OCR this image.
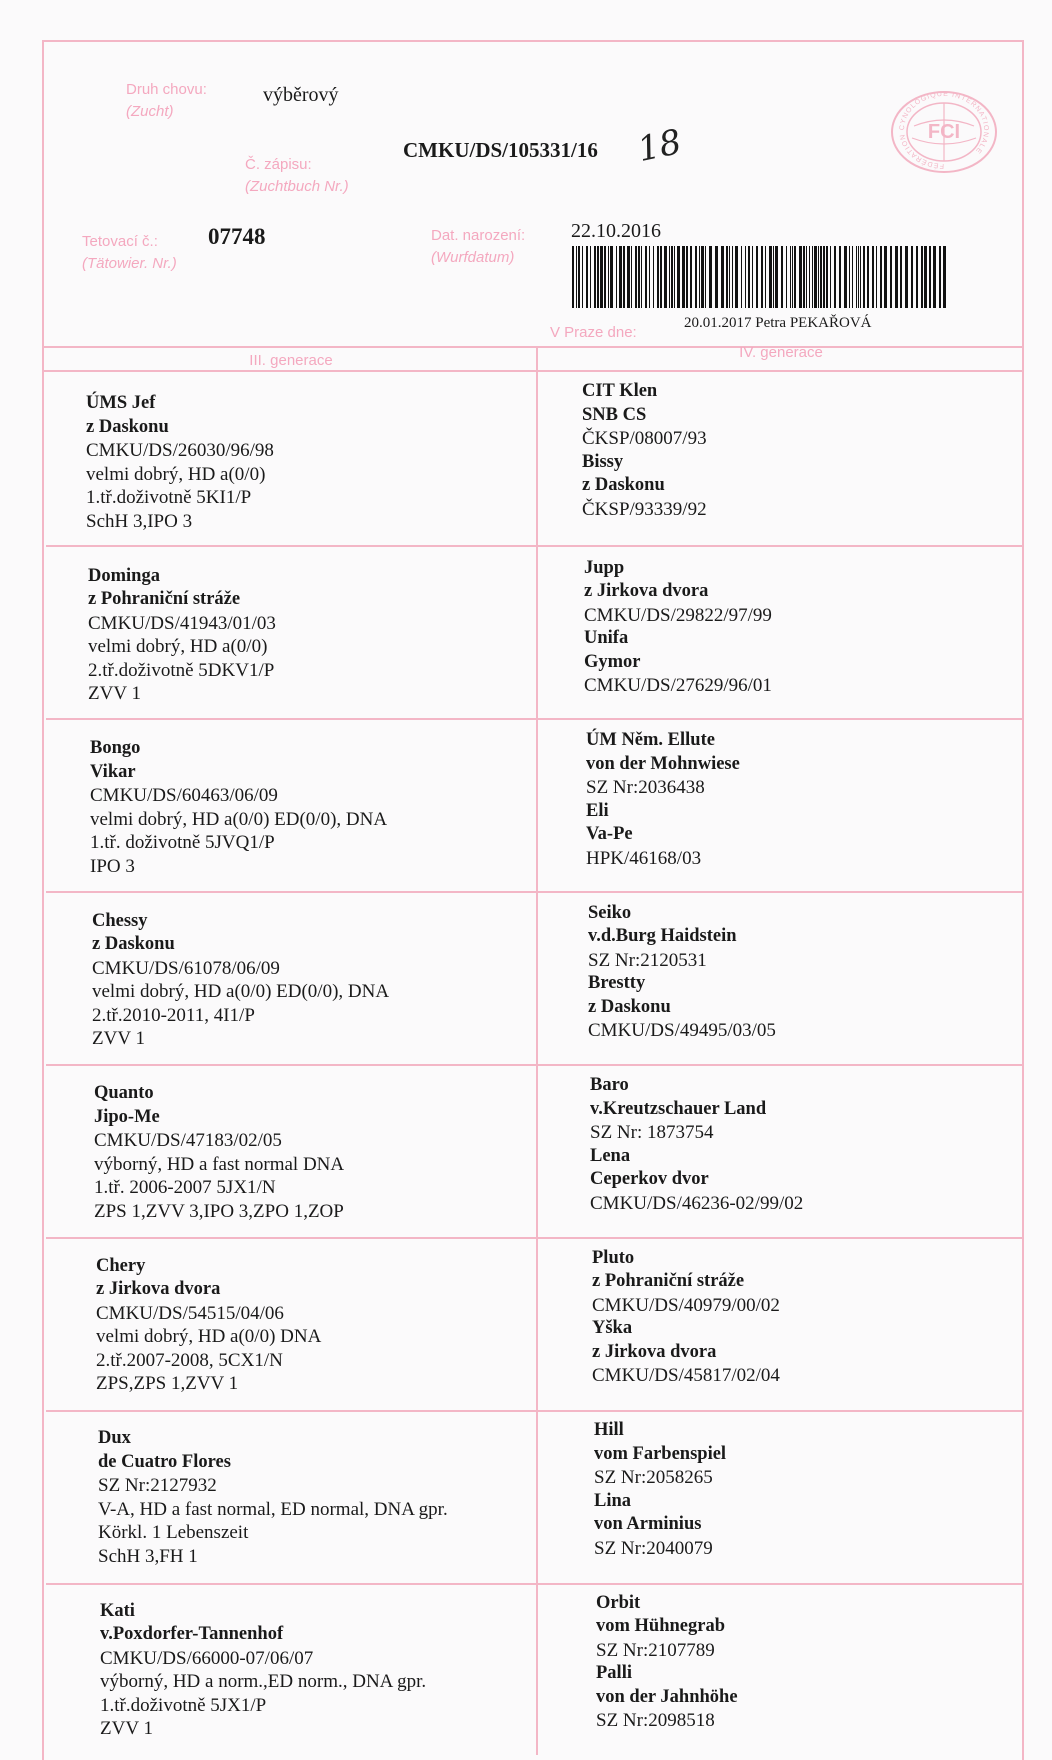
Druh chovu:
(Zucht)
výběrový
Č. zápisu:
(Zuchtbuch Nr.)
CMKU/DS/105331/16 18
Tetovací č.:
(Tätowier. Nr.)
07748	Dat. narození:
(Wurfdatum)
22.10.2016
V Praze dne:
20.01.2017 Petra PEKAŘOVÁ
FCI
FÉDÉRATION CYNOLOGIQUE INTERNATIONALE
III. generace	IV. generace
ÚMS Jef
z Daskonu
CMKU/DS/26030/96/98
velmi dobrý, HD a(0/0)
1.tř.doživotně 5KI1/P
SchH 3,IPO 3
CIT Klen
SNB CS
ČKSP/08007/93
Bissy
z Daskonu
ČKSP/93339/92
Dominga
z Pohraniční stráže
CMKU/DS/41943/01/03
velmi dobrý, HD a(0/0)
2.tř.doživotně 5DKV1/P
ZVV 1
Jupp
z Jirkova dvora
CMKU/DS/29822/97/99
Unifa
Gymor
CMKU/DS/27629/96/01
Bongo
Vikar
CMKU/DS/60463/06/09
velmi dobrý, HD a(0/0) ED(0/0), DNA
1.tř. doživotně 5JVQ1/P
IPO 3
ÚM Něm. Ellute
von der Mohnwiese
SZ Nr:2036438
Eli
Va-Pe
HPK/46168/03
Chessy
z Daskonu
CMKU/DS/61078/06/09
velmi dobrý, HD a(0/0) ED(0/0), DNA
2.tř.2010-2011, 4I1/P
ZVV 1
Seiko
v.d.Burg Haidstein
SZ Nr:2120531
Brestty
z Daskonu
CMKU/DS/49495/03/05
Quanto
Jipo-Me
CMKU/DS/47183/02/05
výborný, HD a fast normal DNA
1.tř. 2006-2007 5JX1/N
ZPS 1,ZVV 3,IPO 3,ZPO 1,ZOP
Baro
v.Kreutzschauer Land
SZ Nr: 1873754
Lena
Ceperkov dvor
CMKU/DS/46236-02/99/02
Chery
z Jirkova dvora
CMKU/DS/54515/04/06
velmi dobrý, HD a(0/0) DNA
2.tř.2007-2008, 5CX1/N
ZPS,ZPS 1,ZVV 1
Pluto
z Pohraniční stráže
CMKU/DS/40979/00/02
Yška
z Jirkova dvora
CMKU/DS/45817/02/04
Dux
de Cuatro Flores
SZ Nr:2127932
V-A, HD a fast normal, ED normal, DNA gpr.
Körkl. 1 Lebenszeit
SchH 3,FH 1
Hill
vom Farbenspiel
SZ Nr:2058265
Lina
von Arminius
SZ Nr:2040079
Kati
v.Poxdorfer-Tannenhof
CMKU/DS/66000-07/06/07
výborný, HD a norm.,ED norm., DNA gpr.
1.tř.doživotně 5JX1/P
ZVV 1
Orbit
vom Hühnegrab
SZ Nr:2107789
Palli
von der Jahnhöhe
SZ Nr:2098518
